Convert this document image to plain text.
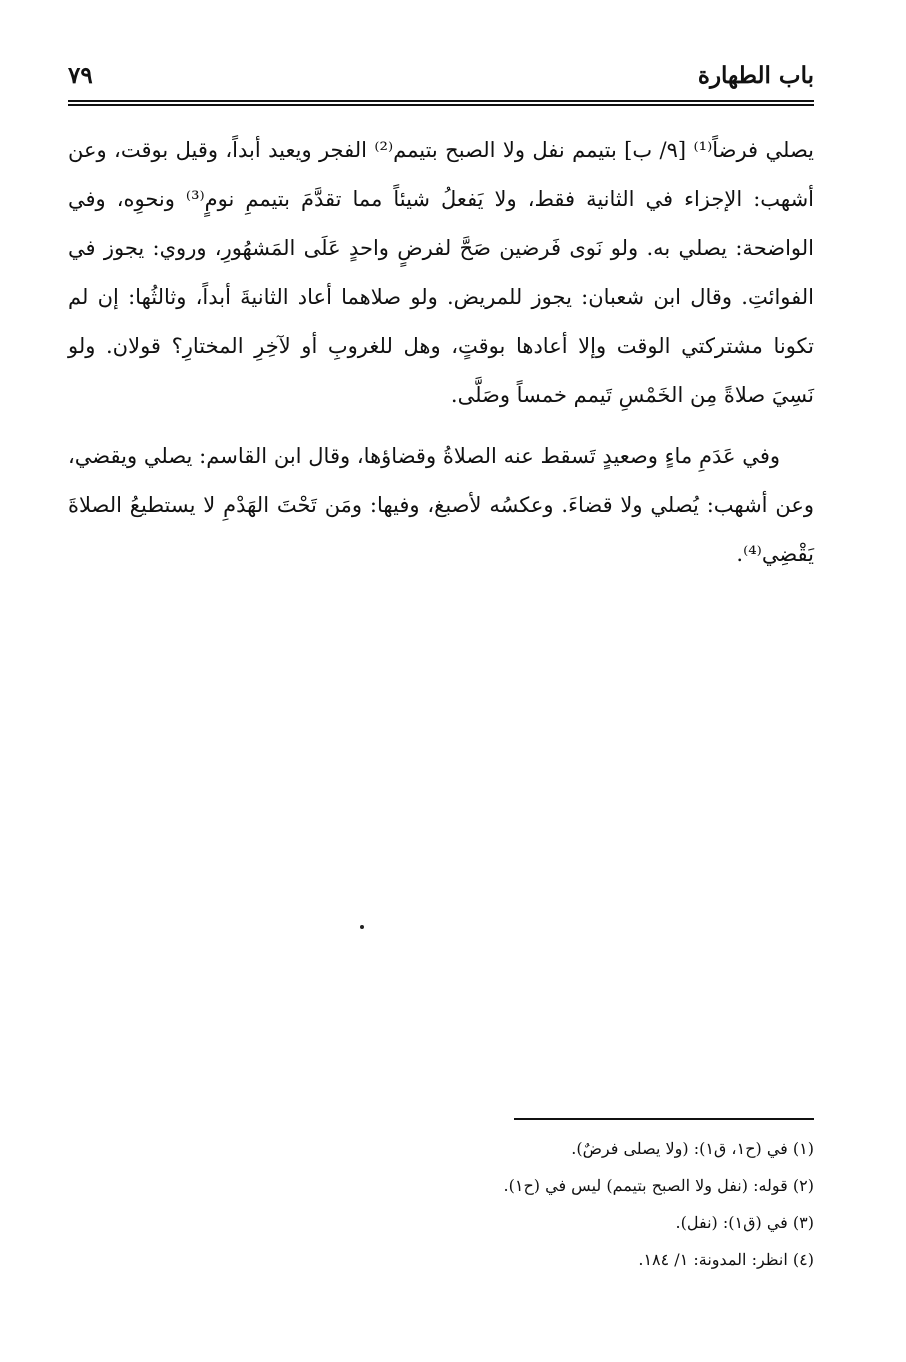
باب الطهارة
٧٩

يصلي فرضاً⁽¹⁾ [٩/ ب] بتيمم نفل ولا الصبح بتيمم⁽²⁾ الفجر ويعيد أبداً، وقيل بوقت، وعن أشهب: الإجزاء في الثانية فقط، ولا يَفعلُ شيئاً مما تقدَّمَ بتيممِ نومٍ⁽³⁾ ونحوِه، وفي الواضحة: يصلي به. ولو نَوى فَرضين صَحَّ لفرضٍ واحدٍ عَلَى المَشهُورِ، وروي: يجوز في الفوائتِ. وقال ابن شعبان: يجوز للمريض. ولو صلاهما أعاد الثانيةَ أبداً، وثالثُها: إن لم تكونا مشتركتي الوقت وإلا أعادها بوقتٍ، وهل للغروبِ أو لآخِرِ المختارِ؟ قولان. ولو نَسِيَ صلاةً مِن الخَمْسِ تَيمم خمساً وصَلَّى.

وفي عَدَمِ ماءٍ وصعيدٍ تَسقط عنه الصلاةُ وقضاؤها، وقال ابن القاسم: يصلي ويقضي، وعن أشهب: يُصلي ولا قضاءَ. وعكسُه لأصبغ، وفيها: ومَن تَحْتَ الهَدْمِ لا يستطيعُ الصلاةَ يَقْضِي⁽⁴⁾.

(١) في (ح١، ق١): (ولا يصلى فرضٌ).

(٢) قوله: (نفل ولا الصبح بتيمم) ليس في (ح١).

(٣) في (ق١): (نفل).

(٤) انظر: المدونة: ١/ ١٨٤.
